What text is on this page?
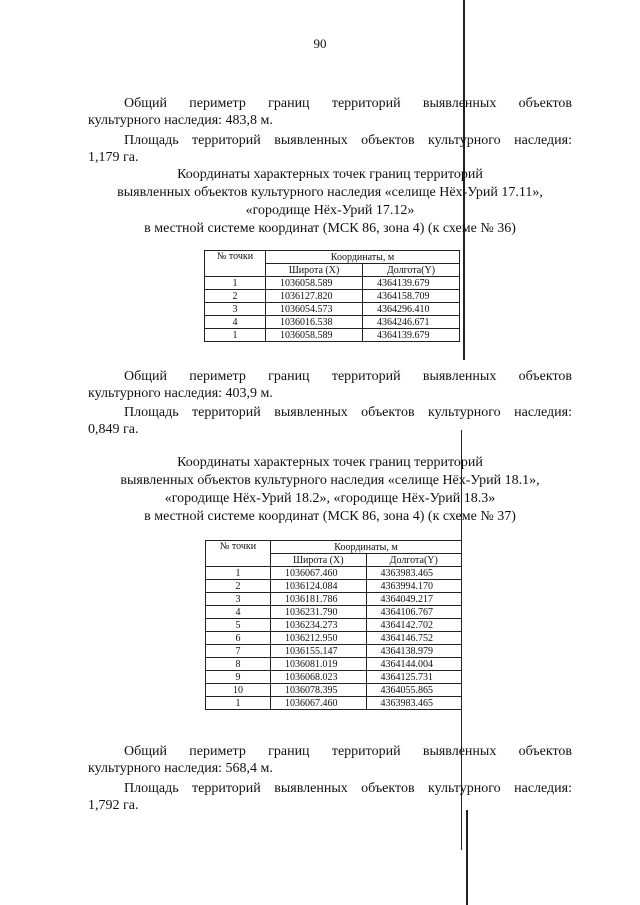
90

Общий периметр границ территорий выявленных объектов

культурного наследия: 483,8 м.

Площадь территорий выявленных объектов культурного наследия:

1,179 га.

Координаты характерных точек границ территорий
выявленных объектов культурного наследия «селище Нёх-Урий 17.11»,
«городище Нёх-Урий 17.12»
в местной системе координат (МСК 86, зона 4) (к схеме № 36)
№ точки	Координаты, м	
	Широта (X)	Долгота(Y)
1	1036058.589	4364139.679
2	1036127.820	4364158.709
3	1036054.573	4364296.410
4	1036016.538	4364246.671
1	1036058.589	4364139.679

Общий периметр границ территорий выявленных объектов

культурного наследия: 403,9 м.

Площадь территорий выявленных объектов культурного наследия:

0,849 га.

Координаты характерных точек границ территорий
выявленных объектов культурного наследия «селище Нёх-Урий 18.1»,
«городище Нёх-Урий 18.2», «городище Нёх-Урий 18.3»
в местной системе координат (МСК 86, зона 4) (к схеме № 37)
№ точки	Координаты, м	
	Широта (X)	Долгота(Y)
1	1036067.460	4363983.465
2	1036124.084	4363994.170
3	1036181.786	4364049.217
4	1036231.790	4364106.767
5	1036234.273	4364142.702
6	1036212.950	4364146.752
7	1036155.147	4364138.979
8	1036081.019	4364144.004
9	1036068.023	4364125.731
10	1036078.395	4364055.865
1	1036067.460	4363983.465

Общий периметр границ территорий выявленных объектов

культурного наследия: 568,4 м.

Площадь территорий выявленных объектов культурного наследия:

1,792 га.
